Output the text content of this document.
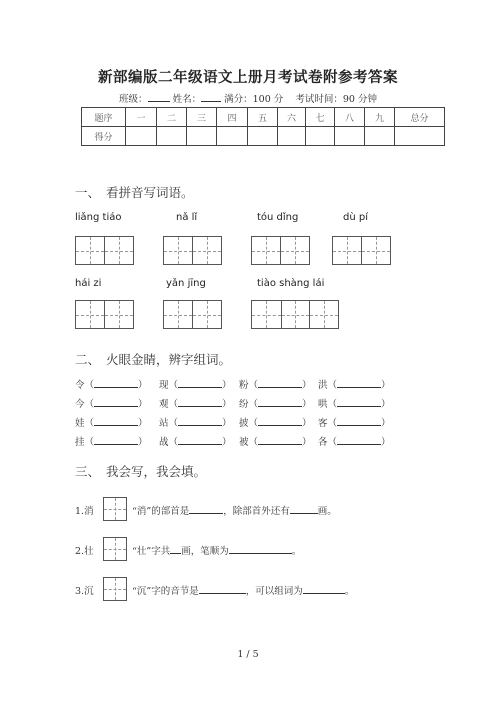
新部编版二年级语文上册月考试卷附参考答案
班级：	姓名： 满分：100 分 考试时间：90 分钟
题序	一	二	三	四	五	六	七	八	九	总分
得分										
一、 看拼音写词语。
liǎng tiáo	nǎ lǐ	tóu dǐng	dù pí
hái zi	yǎn jīng	tiào shàng lái
二、 火眼金睛，辨字组词。
令（	） 现（	） 粉（	） 洪（	）
今（	） 观（	） 纷（	） 哄（	）
娃（	） 站（	） 披（	） 客（	）
挂（	） 战（	） 被（	） 各（	）
三、 我会写，我会填。
1.消	“消”的部首是	，除部首外还有	画。
2.壮	“壮”字共 画，笔顺为	。
3.沉	“沉”字的音节是	，可以组词为	。
1 / 5
